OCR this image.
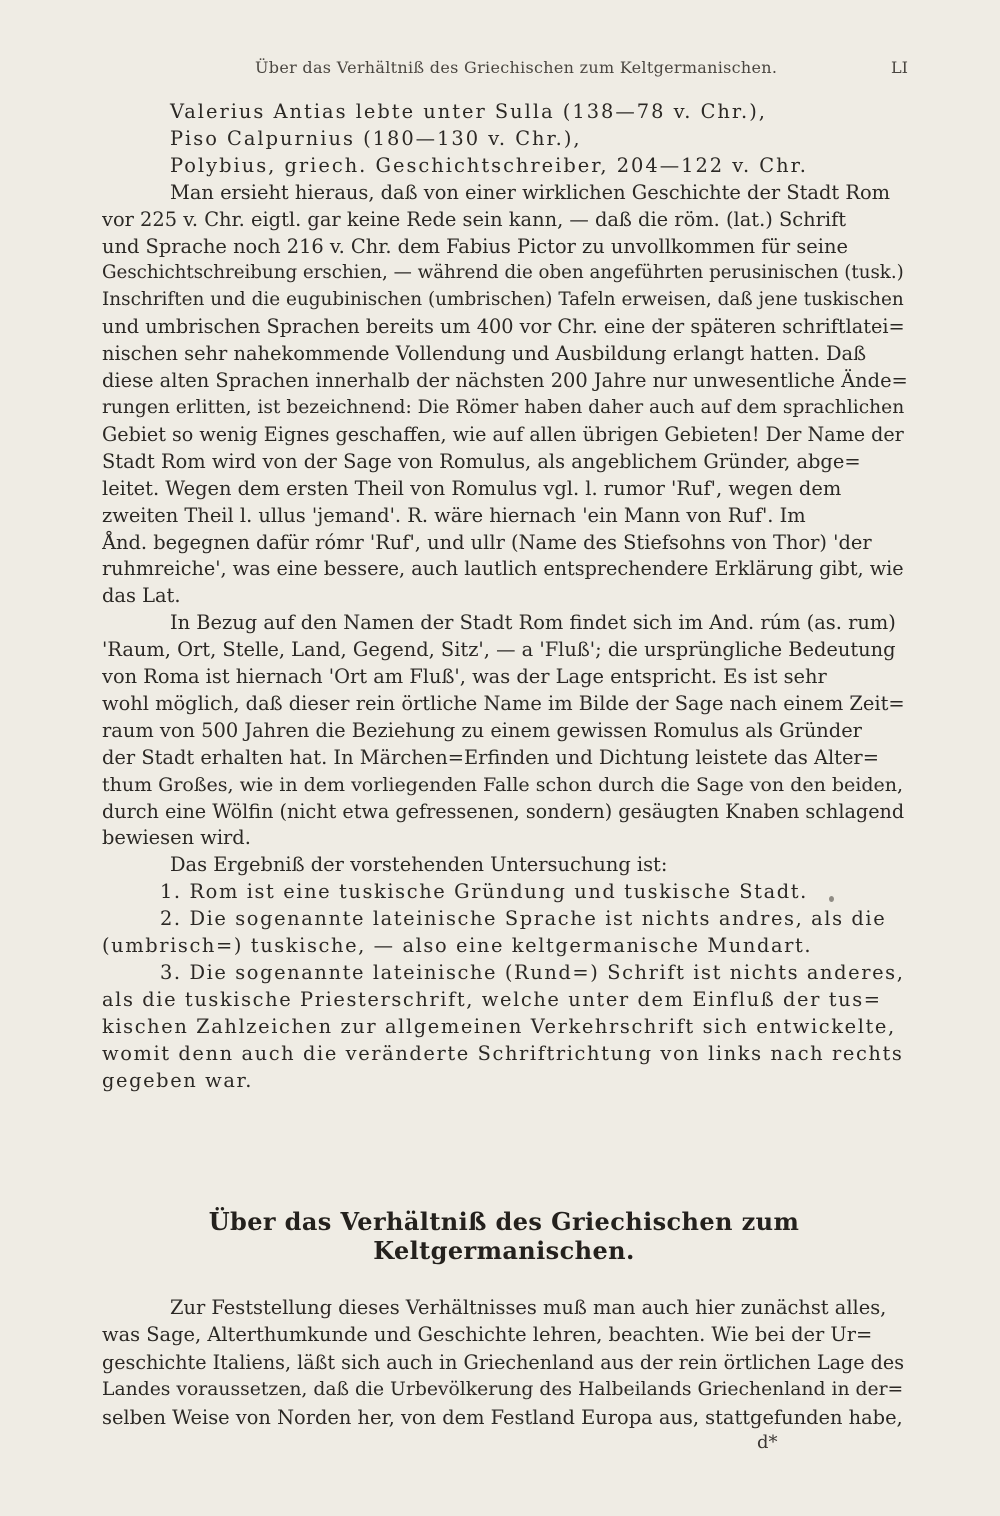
Über das Verhältniß des Griechischen zum Keltgermanischen.	LI
Valerius Antias lebte unter Sulla (138—78 v. Chr.),
Piso Calpurnius (180—130 v. Chr.),
Polybius, griech. Geschichtschreiber, 204—122 v. Chr.
Man ersieht hieraus, daß von einer wirklichen Geschichte der Stadt Rom
vor 225 v. Chr. eigtl. gar keine Rede sein kann, — daß die röm. (lat.) Schrift
und Sprache noch 216 v. Chr. dem Fabius Pictor zu unvollkommen für seine
Geschichtschreibung erschien, — während die oben angeführten perusinischen (tusk.)
Inschriften und die eugubinischen (umbrischen) Tafeln erweisen, daß jene tuskischen
und umbrischen Sprachen bereits um 400 vor Chr. eine der späteren schriftlatei=
nischen sehr nahekommende Vollendung und Ausbildung erlangt hatten. Daß
diese alten Sprachen innerhalb der nächsten 200 Jahre nur unwesentliche Ände=
rungen erlitten, ist bezeichnend: Die Römer haben daher auch auf dem sprachlichen
Gebiet so wenig Eignes geschaffen, wie auf allen übrigen Gebieten! Der Name der
Stadt Rom wird von der Sage von Romulus, als angeblichem Gründer, abge=
leitet. Wegen dem ersten Theil von Romulus vgl. l. rumor 'Ruf', wegen dem
zweiten Theil l. ullus 'jemand'. R. wäre hiernach 'ein Mann von Ruf'. Im
Ånd. begegnen dafür rómr 'Ruf', und ullr (Name des Stiefsohns von Thor) 'der
ruhmreiche', was eine bessere, auch lautlich entsprechendere Erklärung gibt, wie
das Lat.
In Bezug auf den Namen der Stadt Rom findet sich im And. rúm (as. rum)
'Raum, Ort, Stelle, Land, Gegend, Sitz', — a 'Fluß'; die ursprüngliche Bedeutung
von Roma ist hiernach 'Ort am Fluß', was der Lage entspricht. Es ist sehr
wohl möglich, daß dieser rein örtliche Name im Bilde der Sage nach einem Zeit=
raum von 500 Jahren die Beziehung zu einem gewissen Romulus als Gründer
der Stadt erhalten hat. In Märchen=Erfinden und Dichtung leistete das Alter=
thum Großes, wie in dem vorliegenden Falle schon durch die Sage von den beiden,
durch eine Wölfin (nicht etwa gefressenen, sondern) gesäugten Knaben schlagend
bewiesen wird.
Das Ergebniß der vorstehenden Untersuchung ist:
1. Rom ist eine tuskische Gründung und tuskische Stadt.
2. Die sogenannte lateinische Sprache ist nichts andres, als die
(umbrisch=) tuskische, — also eine keltgermanische Mundart.
3. Die sogenannte lateinische (Rund=) Schrift ist nichts anderes,
als die tuskische Priesterschrift, welche unter dem Einfluß der tus=
kischen Zahlzeichen zur allgemeinen Verkehrschrift sich entwickelte,
womit denn auch die veränderte Schriftrichtung von links nach rechts
gegeben war.
Über das Verhältniß des Griechischen zum Keltgermanischen.
Zur Feststellung dieses Verhältnisses muß man auch hier zunächst alles,
was Sage, Alterthumkunde und Geschichte lehren, beachten. Wie bei der Ur=
geschichte Italiens, läßt sich auch in Griechenland aus der rein örtlichen Lage des
Landes voraussetzen, daß die Urbevölkerung des Halbeilands Griechenland in der=
selben Weise von Norden her, von dem Festland Europa aus, stattgefunden habe,
d*
